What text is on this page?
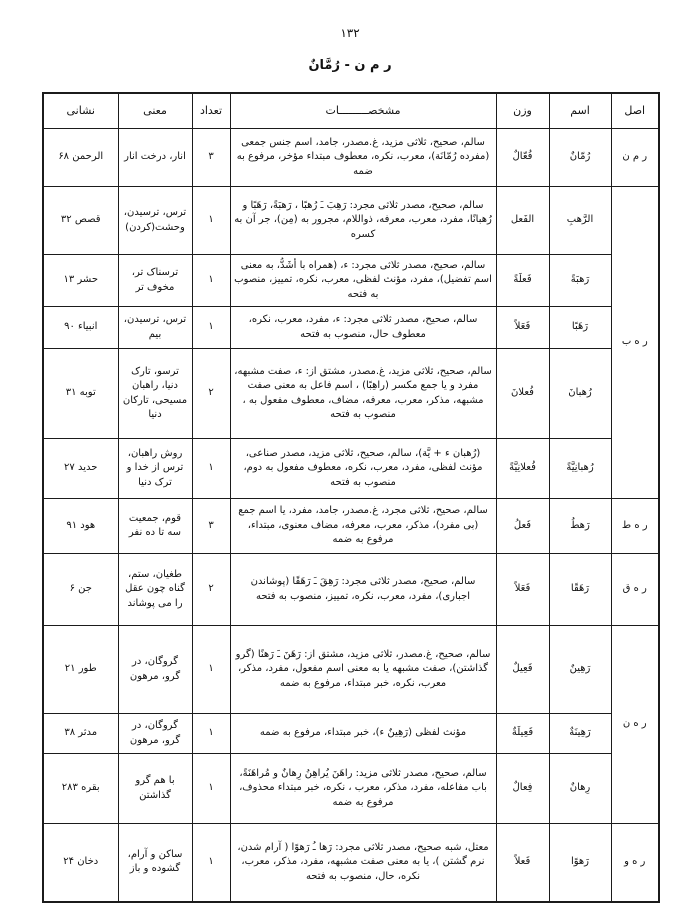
١٣٢
ر م ن - رُمَّانٌ
اصل	اسم	وزن	مشخصـــــــــات	تعداد	معنی	نشانی
ر م ن	رُمّانٌ	فُعّالٌ	سالم، صحیح، ثلاثی مزید، غ.مصدر، جامد، اسم جنس جمعی (مفرده رُمّانَة)، معرب، نکره، معطوف مبتداء مؤخر، مرفوع به ضمه	٣	انار، درخت انار	الرحمن ۶۸
ر ه ب	الرَّهبِ	الفَعل	سالم، صحیح، مصدر ثلاثی مجرد: رَهِبَ ـَ رُهبًا ، رَهبَةً، رَهَبًا و رُهبانًا، مفرد، معرب، معرفه، ذواللام، مجرور به (مِن)، جر آن به کسره	١	ترس، ترسیدن، وحشت(کردن)	قصص ٣٢
	رَهبَةً	فَعلَةً	سالم، صحیح، مصدر ثلاثی مجرد: ء، (همراه با أشَدُّ، به معنی اسم تفضیل)، مفرد، مؤنث لفظی، معرب، نکره، تمییز، منصوب به فتحه	١	ترسناک تر، مخوف تر	حشر ١٣
	رَهَبًا	فَعَلاً	سالم، صحیح، مصدر ثلاثی مجرد: ء، مفرد، معرب، نکره، معطوف حال، منصوب به فتحه	١	ترس، ترسیدن، بیم	انبیاء ٩٠
	رُهبانَ	فُعلانَ	سالم، صحیح، ثلاثی مزید، غ.مصدر، مشتق از: ء، صفت مشبهه، مفرد و یا جمع مکسر (راهِبًا) ، اسم فاعل به معنی صفت مشبهه، مذکر، معرب، معرفه، مضاف، معطوف مفعول به ، منصوب به فتحه	٢	ترسو، تارک دنیا، راهبان مسیحی، تارکان دنیا	توبه ٣١
	رُهبانِيَّةً	فُعلانِيَّةً	(رُهبان ء + يَّة)، سالم، صحیح، ثلاثی مزید، مصدر صناعی، مؤنث لفظی، مفرد، معرب، نکره، معطوف مفعول به دوم، منصوب به فتحه	١	روش راهبان، ترس از خدا و ترک دنیا	حدید ٢٧
ر ه ط	رَهطُ	فَعلُ	سالم، صحیح، ثلاثی مجرد، غ.مصدر، جامد، مفرد، یا اسم جمع (بی مفرد)، مذکر، معرب، معرفه، مضاف معنوی، مبتداء، مرفوع به ضمه	٣	قوم، جمعیت سه تا ده نفر	هود ٩١
ر ه ق	رَهَقًا	فَعَلاً	سالم، صحیح، مصدر ثلاثی مجرد: رَهِقَ ـَ رَهَقًا (پوشاندن اجباری)، مفرد، معرب، نکره، تمییز، منصوب به فتحه	٢	طغیان، ستم، گناه چون عقل را می پوشاند	جن ۶
ر ه ن	رَهِينٌ	فَعِيلٌ	سالم، صحیح، غ.مصدر، ثلاثی مزید، مشتق از: رَهَنَ ـَ رَهنًا (گرو گذاشتن)، صفت مشبهه یا به معنی اسم مفعول، مفرد، مذکر، معرب، نکره، خبر مبتداء، مرفوع به ضمه	١	گروگان، در گرو، مرهون	طور ٢١
	رَهِينَةٌ	فَعِيلَةٌ	مؤنث لفظی (رَهِينٌ ء)، خبر مبتداء، مرفوع به ضمه	١	گروگان، در گرو، مرهون	مدثر ٣٨
	رِهانٌ	فِعالٌ	سالم، صحیح، مصدر ثلاثی مزید: راهَنَ يُراهِنُ رِهانٌ و مُراهَنَةً، باب مفاعله، مفرد، مذکر، معرب ، نکره، خبر مبتداء محذوف، مرفوع به ضمه	١	با هم گرو گذاشتن	بقره ٢٨٣
ر ه و	رَهوًا	فَعلاً	معتل، شبه صحیح، مصدر ثلاثی مجرد: رَها ـُ رَهوًا ( آرام شدن، نرم گشتن )، یا به معنی صفت مشبهه، مفرد، مذکر، معرب، نکره، حال، منصوب به فتحه	١	ساکن و آرام، گشوده و باز	دخان ٢۴
